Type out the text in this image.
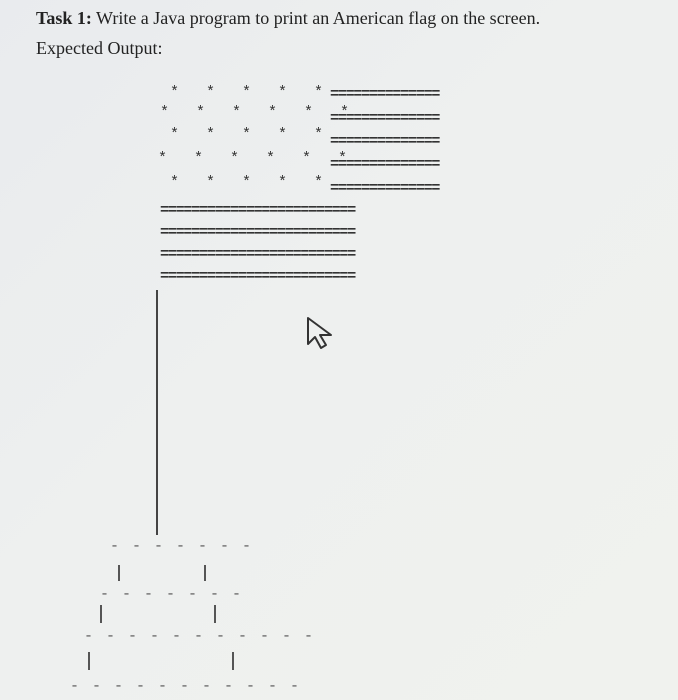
Task 1: Write a Java program to print an American flag on the screen.
Expected Output:
*   *   *   *   *
*   *   *   *   *   *
*   *   *   *   *
*   *   *   *   *   *
*   *   *   *   *
==============
==============
==============
==============
==============
=========================
=========================
=========================
=========================
- - - - - - -
- - - - - - -
- - - - - - - - - - -
- - - - - - - - - - -
